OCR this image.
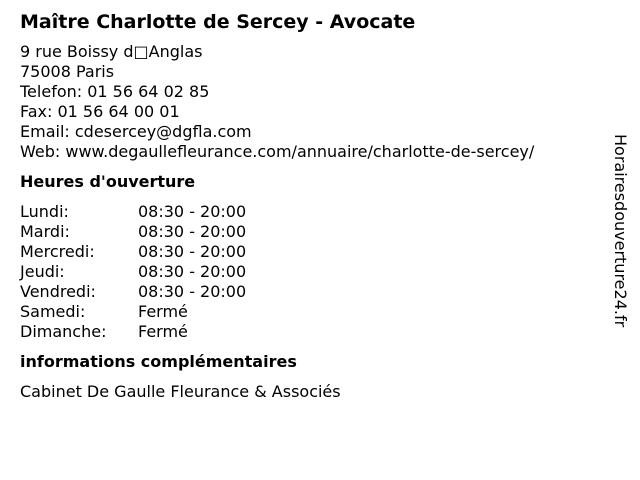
Maître Charlotte de Sercey - Avocate
9 rue Boissy d□Anglas
75008 Paris
Telefon: 01 56 64 02 85
Fax: 01 56 64 00 01
Email: cdesercey@dgfla.com
Web: www.degaullefleurance.com/annuaire/charlotte-de-sercey/
Heures d'ouverture
Lundi:	08:30 - 20:00
Mardi:	08:30 - 20:00
Mercredi:	08:30 - 20:00
Jeudi:	08:30 - 20:00
Vendredi:	08:30 - 20:00
Samedi:	Fermé
Dimanche:	Fermé
informations complémentaires
Cabinet De Gaulle Fleurance & Associés
Horairesdouverture24.fr
